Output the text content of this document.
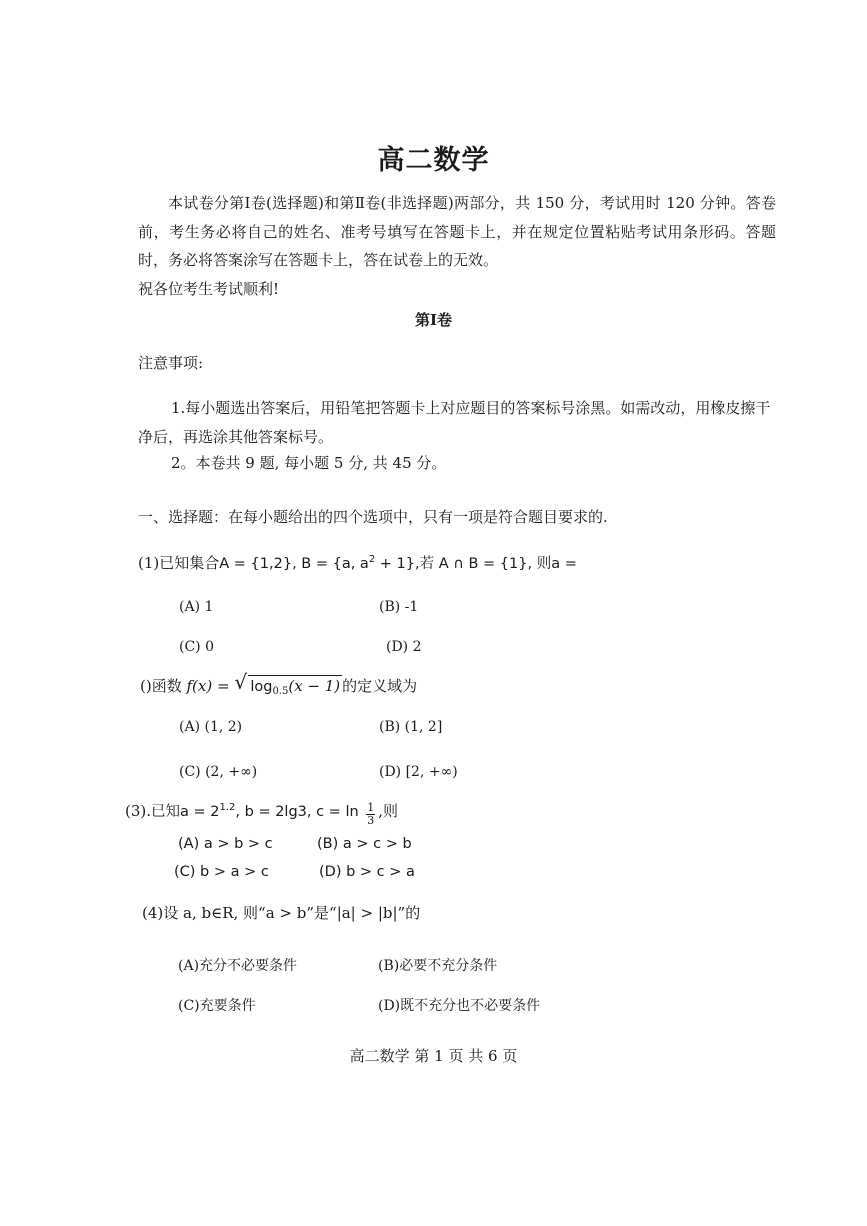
高二数学

本试卷分第Ⅰ卷(选择题)和第Ⅱ卷(非选择题)两部分，共 150 分，考试用时 120 分钟。答卷前，考生务必将自己的姓名、准考号填写在答题卡上，并在规定位置粘贴考试用条形码。答题时，务必将答案涂写在答题卡上，答在试卷上的无效。

祝各位考生考试顺利!

第Ⅰ卷
注意事项:
1.每小题选出答案后，用铅笔把答题卡上对应题目的答案标号涂黑。如需改动，用橡皮擦干净后，再选涂其他答案标号。
2。本卷共 9 题, 每小题 5 分, 共 45 分。
一、选择题：在每小题给出的四个选项中，只有一项是符合题目要求的.
(1)已知集合A = {1,2}, B = {a, $a^2 + 1$},若 A ∩ B = {1}, 则a =
(A) 1	(B) -1
(C) 0	(D) 2
()函数 f(x) = √ $\log_{0.5}(x - 1)$ 的定义域为
(A) (1, 2)	(B) (1, 2]
(C) (2, +∞)	(D) [2, +∞)
(3).已知$a = 2^{1.2}$, b = 2lg3, $c = \ln \frac{1}{3}$ ,则
(A) a > b > c	(B) a > c > b
(C) b > a > c	(D) b > c > a
(4)设 a, b∈R, 则“a > b”是“|a| > |b|”的
(A)充分不必要条件	(B)必要不充分条件
(C)充要条件	(D)既不充分也不必要条件
高二数学 第 1 页 共 6 页
